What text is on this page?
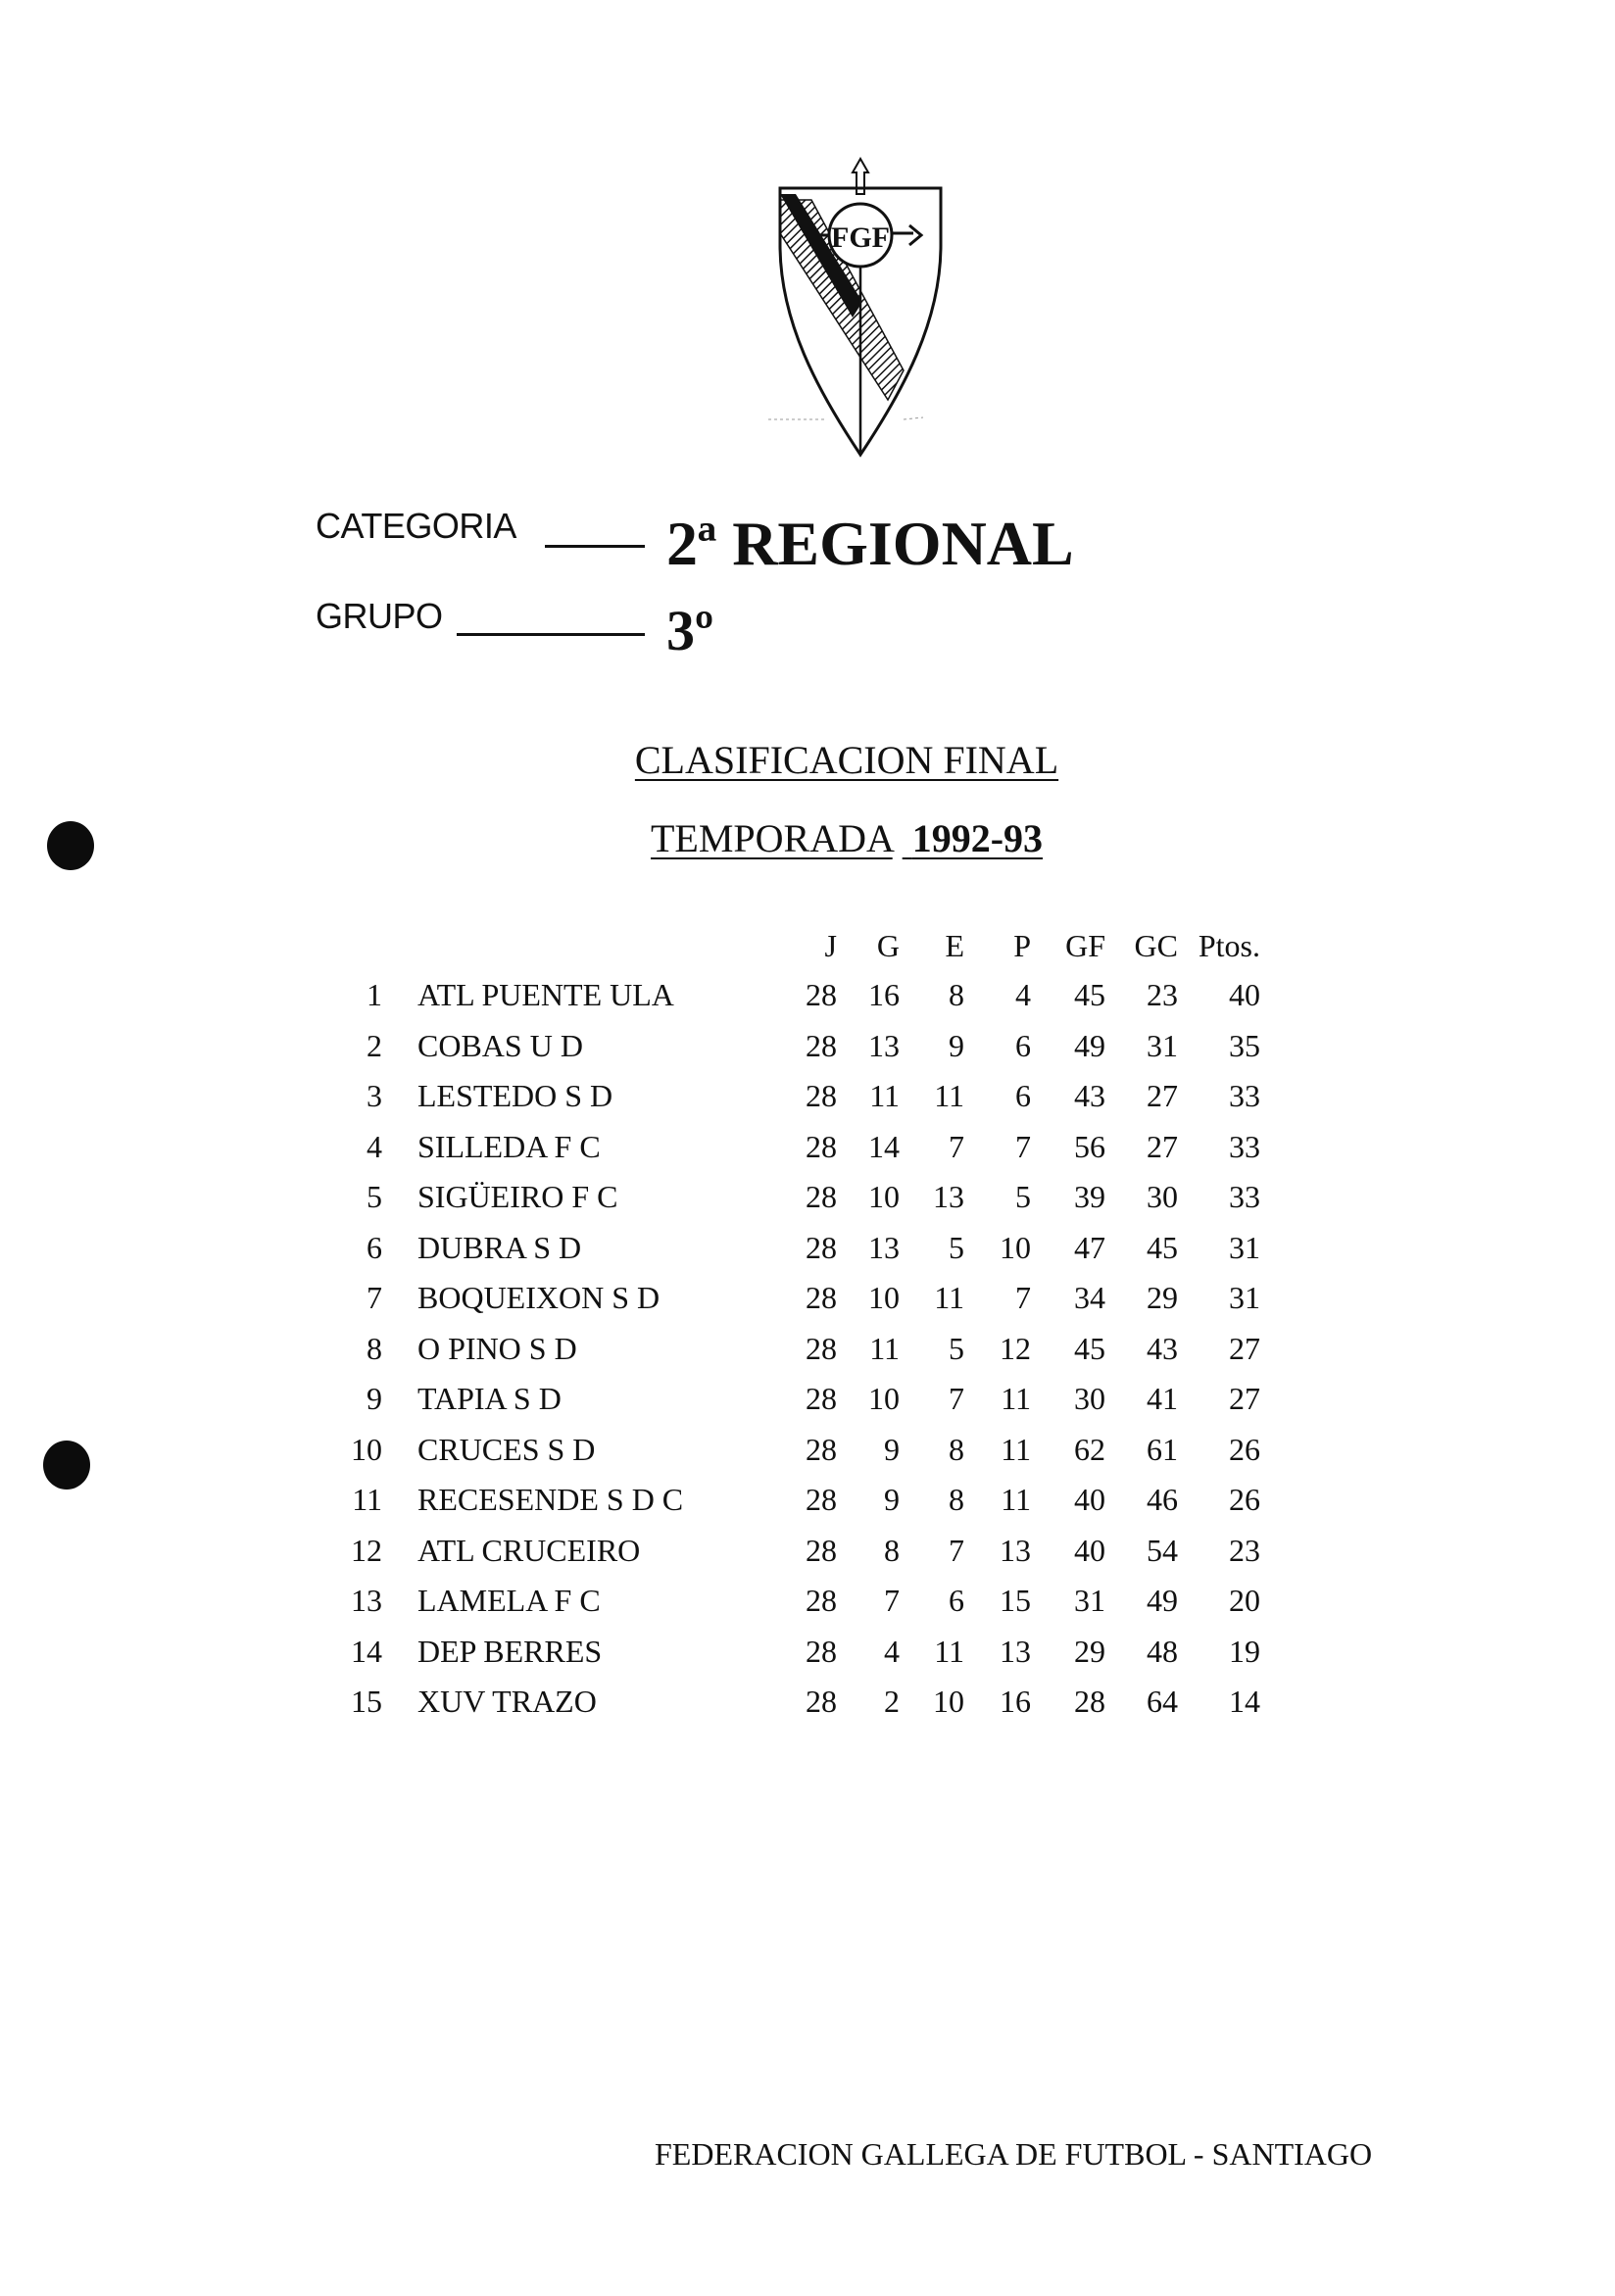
FGF
CATEGORIA 2ª REGIONAL
GRUPO	3º
CLASIFICACION FINAL
TEMPORADA 1992-93
J	G	E	P	GF GC Ptos.
1 ATL PUENTE ULA	28	16	8	4	45	23	40
2 COBAS U D	28	13	9	6	49	31	35
3 LESTEDO S D	28	11	11	6	43	27	33
4 SILLEDA F C	28	14	7	7	56	27	33
5 SIGÜEIRO F C	28	10	13	5	39	30	33
6 DUBRA S D	28	13	5	10	47	45	31
7 BOQUEIXON S D	28	10	11	7	34	29	31
8 O PINO S D	28	11	5	12	45	43	27
9 TAPIA S D	28	10	7	11	30	41	27
10 CRUCES S D	28	9	8	11	62	61	26
11 RECESENDE S D C	28	9	8	11	40	46	26
12 ATL CRUCEIRO	28	8	7	13	40	54	23
13 LAMELA F C	28	7	6	15	31	49	20
14 DEP BERRES	28	4	11	13	29	48	19
15 XUV TRAZO	28	2	10	16	28	64	14
FEDERACION GALLEGA DE FUTBOL - SANTIAGO
